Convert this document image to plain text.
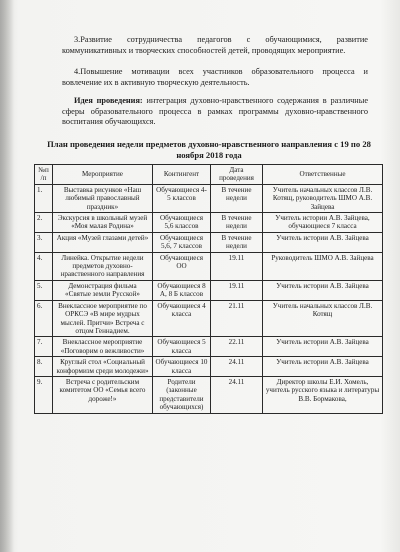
3.Развитие сотрудничества педагогов с обучающимися, развитие коммуникативных и творческих способностей детей, проводящих мероприятие.

4.Повышение мотивации всех участников образовательного процесса и вовлечение их в активную творческую деятельность.

Идея проведения: интеграция духовно-нравственного содержания в различные сферы образовательного процесса в рамках программы духовно-нравственного воспитания обучающихся.

План проведения недели предметов духовно-нравственного направления с 19 по 28 ноября 2018 года
№п /п	Мероприятие	Контингент	Дата проведения	Ответственные
1.	Выставка рисунков «Наш любимый православный праздник»	Обучающиеся 4-5 классов	В течение недели	Учитель начальных классов Л.В. Котящ, руководитель ШМО А.В. Зайцева
2.	Экскурсия в школьный музей «Моя малая Родина»	Обучающиеся 5,6 классов	В течение недели	Учитель истории А.В. Зайцева, обучающиеся 7 класса
3.	Акция «Музей глазами детей»	Обучающиеся 5,6, 7 классов	В течение недели	Учитель истории А.В. Зайцева
4.	Линейка. Открытие недели предметов духовно-нравственного направления	Обучающиеся ОО	19.11	Руководитель ШМО А.В. Зайцева
5.	Демонстрация фильма «Святые земли Русской»	Обучающиеся 8 А, 8 Б классов	19.11	Учитель истории А.В. Зайцева
6.	Внеклассное мероприятие по ОРКСЭ «В мире мудрых мыслей. Притчи» Встреча с отцом Геннадием.	Обучающиеся 4 класса	21.11	Учитель начальных классов Л.В. Котящ
7.	Внеклассное мероприятие «Поговорим о вежливости»	Обучающиеся 5 класса	22.11	Учитель истории А.В. Зайцева
8.	Круглый стол «Социальный конформизм среди молодежи»	Обучающиеся 10 класса	24.11	Учитель истории А.В. Зайцева
9.	Встреча с родительским комитетом ОО «Семья всего дороже!»	Родители (законные представители обучающихся)	24.11	Директор школы Е.И. Хомель, учитель русского языка и литературы В.В. Бормакова,
